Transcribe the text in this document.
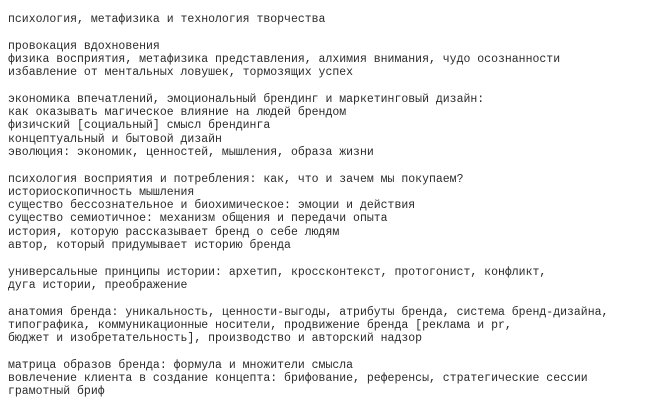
психология, метафизика и технология творчества
провокация вдохновения
физика восприятия, метафизика представления, алхимия внимания, чудо осознанности
избавление от ментальных ловушек, тормозящих успех
экономика впечатлений, эмоциональный брендинг и маркетинговый дизайн:
как оказывать магическое влияние на людей брендом
физичский [социальный] смысл брендинга
концептуальный и бытовой дизайн
эволюция: экономик, ценностей, мышления, образа жизни
психология восприятия и потребления: как, что и зачем мы покупаем?
историоскопичность мышления
существо бессознательное и биохимическое: эмоции и действия
существо семиотичное: механизм общения и передачи опыта
история, которую рассказывает бренд о себе людям
автор, который придумывает историю бренда
универсальные принципы истории: архетип, кроссконтекст, протогонист, конфликт,
дуга истории, преображение
анатомия бренда: уникальность, ценности-выгоды, атрибуты бренда, система бренд-дизайна,
типографика, коммуникационные носители, продвижение бренда [реклама и pr,
бюджет и изобретательность], производство и авторский надзор
матрица образов бренда: формула и множители смысла
вовлечение клиента в создание концепта: брифование, референсы, стратегические сессии
грамотный бриф
